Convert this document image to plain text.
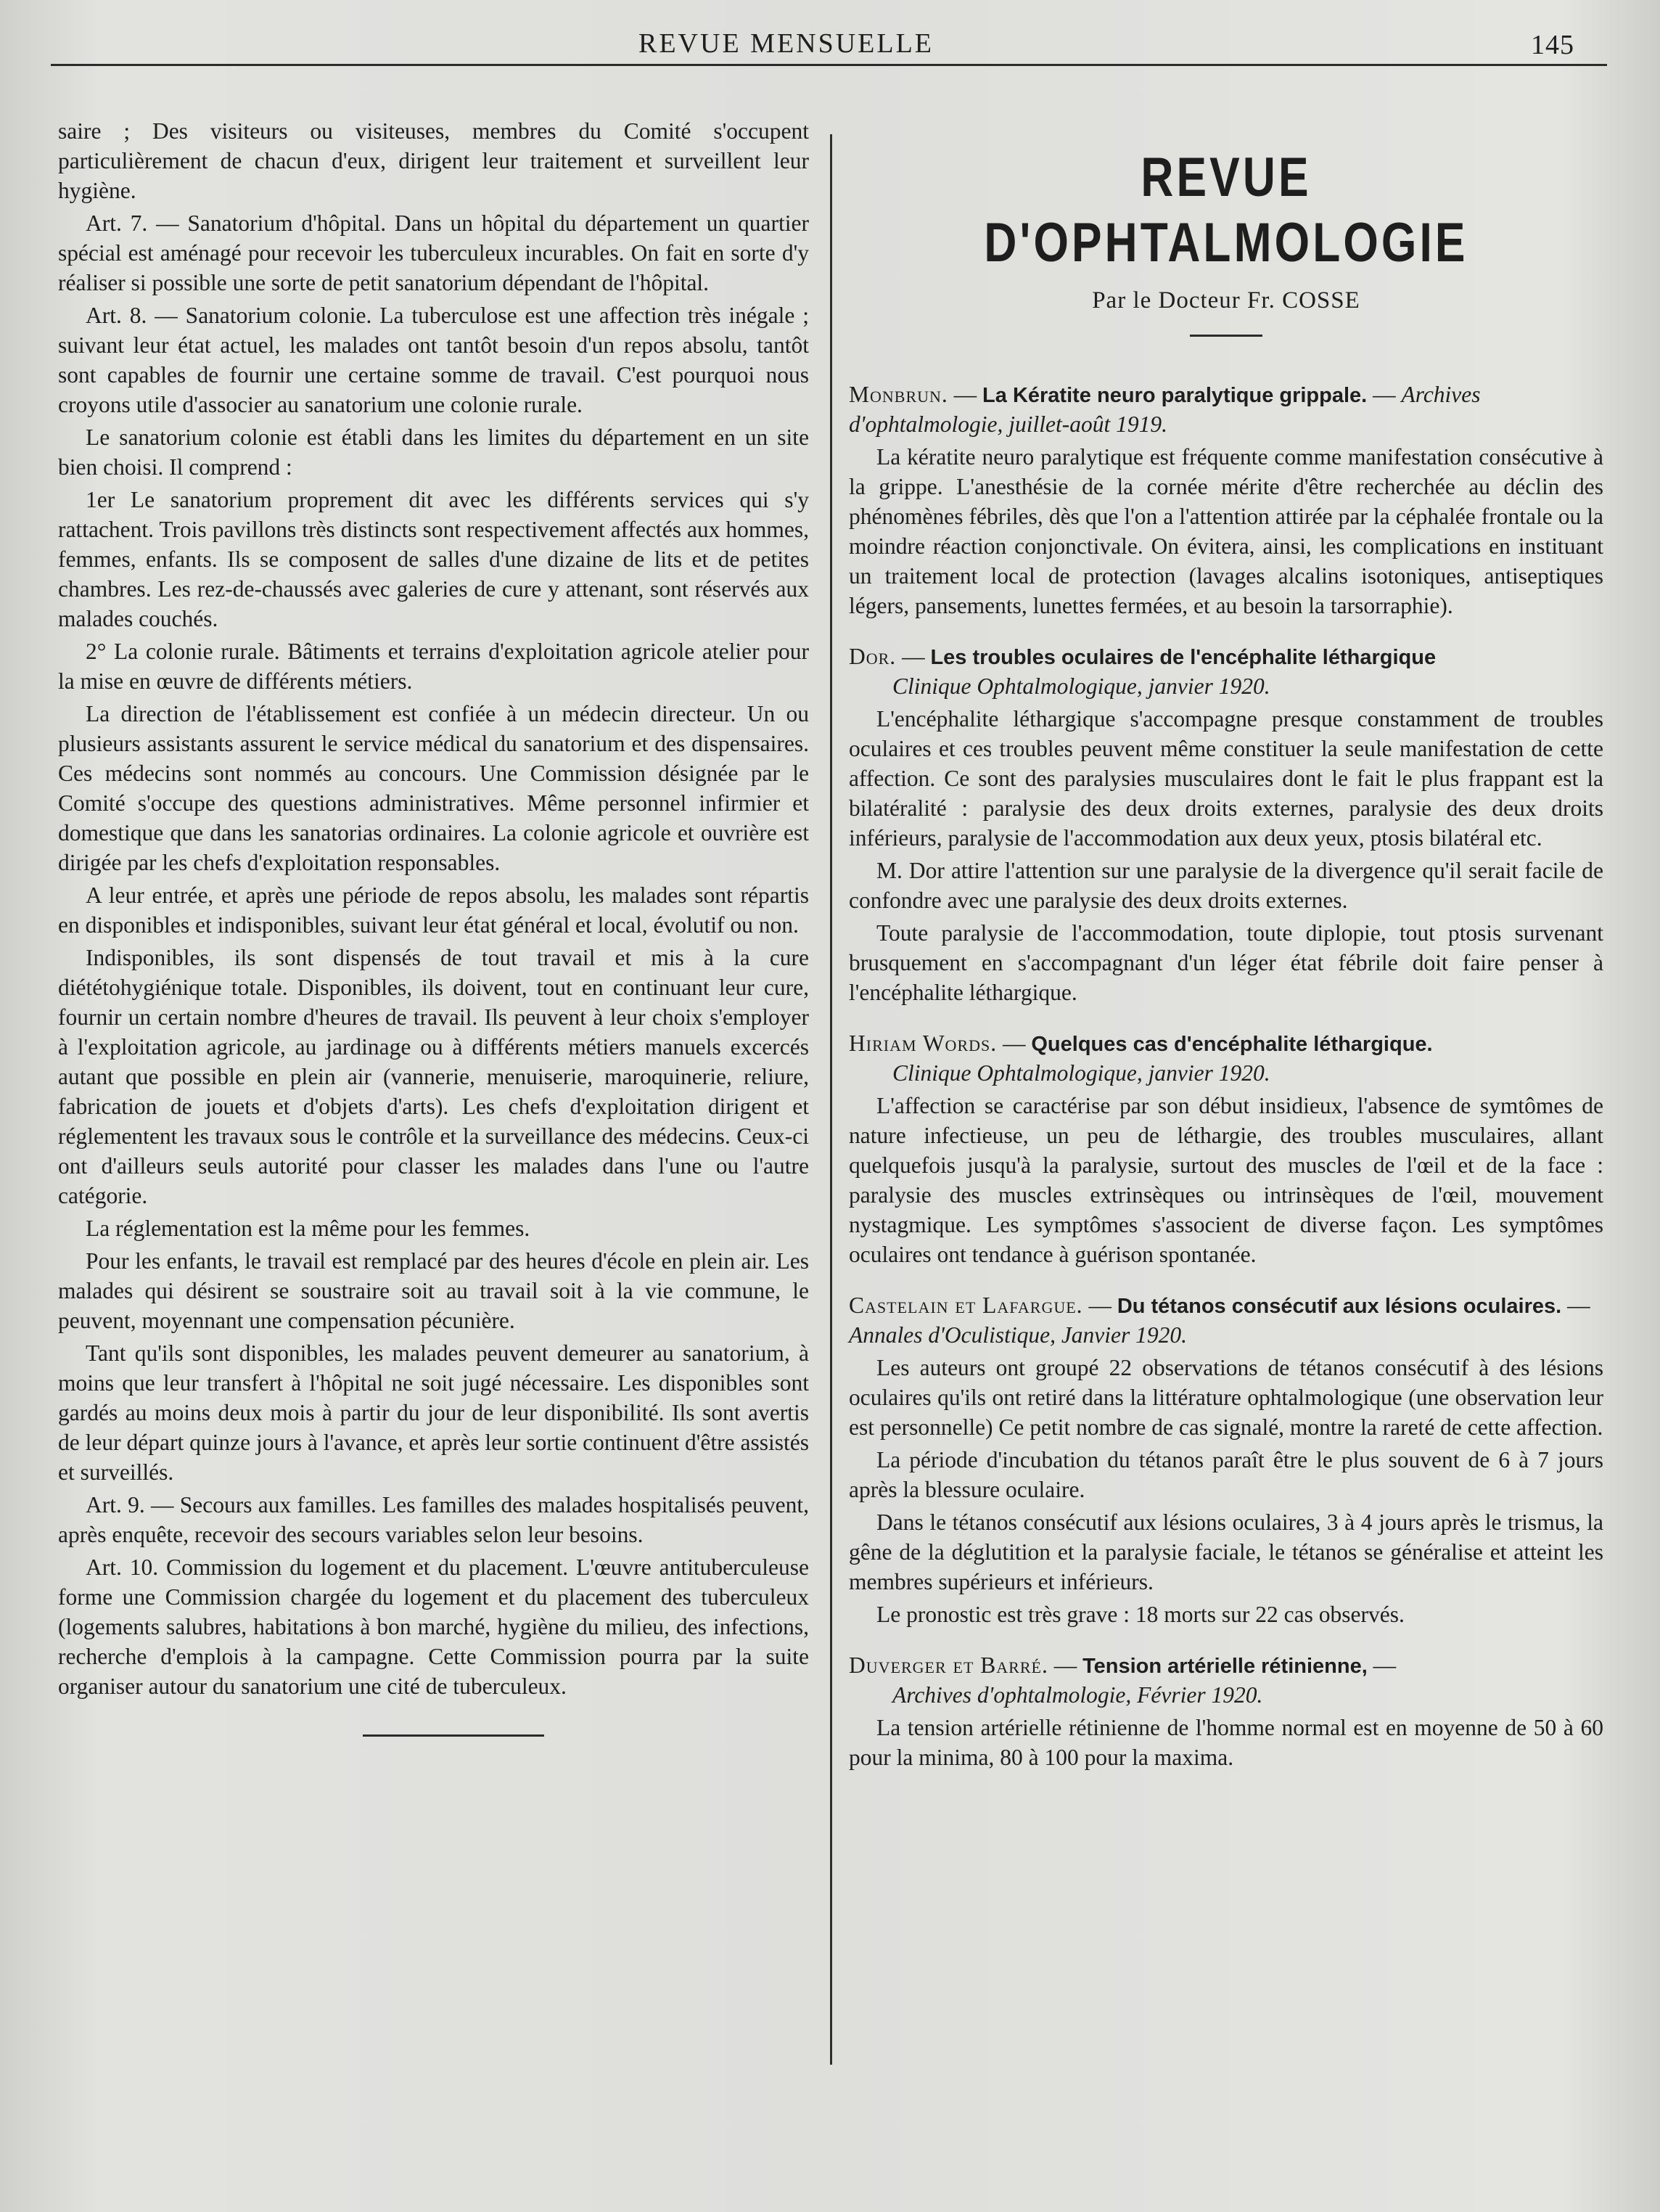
REVUE MENSUELLE	145

saire ; Des visiteurs ou visiteuses, membres du Comité s'occupent particulièrement de chacun d'eux, dirigent leur traitement et surveillent leur hygiène.

Art. 7. — Sanatorium d'hôpital. Dans un hôpital du département un quartier spécial est aménagé pour recevoir les tuberculeux incurables. On fait en sorte d'y réaliser si possible une sorte de petit sanatorium dépendant de l'hôpital.

Art. 8. — Sanatorium colonie. La tuberculose est une affection très inégale ; suivant leur état actuel, les malades ont tantôt besoin d'un repos absolu, tantôt sont capables de fournir une certaine somme de travail. C'est pourquoi nous croyons utile d'associer au sanatorium une colonie rurale.

Le sanatorium colonie est établi dans les limites du département en un site bien choisi. Il comprend :

1er Le sanatorium proprement dit avec les différents services qui s'y rattachent. Trois pavillons très distincts sont respectivement affectés aux hommes, femmes, enfants. Ils se composent de salles d'une dizaine de lits et de petites chambres. Les rez-de-chaussés avec galeries de cure y attenant, sont réservés aux malades couchés.

2° La colonie rurale. Bâtiments et terrains d'exploitation agricole atelier pour la mise en œuvre de différents métiers.

La direction de l'établissement est confiée à un médecin directeur. Un ou plusieurs assistants assurent le service médical du sanatorium et des dispensaires. Ces médecins sont nommés au concours. Une Commission désignée par le Comité s'occupe des questions administratives. Même personnel infirmier et domestique que dans les sanatorias ordinaires. La colonie agricole et ouvrière est dirigée par les chefs d'exploitation responsables.

A leur entrée, et après une période de repos absolu, les malades sont répartis en disponibles et indisponibles, suivant leur état général et local, évolutif ou non.

Indisponibles, ils sont dispensés de tout travail et mis à la cure diététohygiénique totale. Disponibles, ils doivent, tout en continuant leur cure, fournir un certain nombre d'heures de travail. Ils peuvent à leur choix s'employer à l'exploitation agricole, au jardinage ou à différents métiers manuels excercés autant que possible en plein air (vannerie, menuiserie, maroquinerie, reliure, fabrication de jouets et d'objets d'arts). Les chefs d'exploitation dirigent et réglementent les travaux sous le contrôle et la surveillance des médecins. Ceux-ci ont d'ailleurs seuls autorité pour classer les malades dans l'une ou l'autre catégorie.

La réglementation est la même pour les femmes.

Pour les enfants, le travail est remplacé par des heures d'école en plein air. Les malades qui désirent se soustraire soit au travail soit à la vie commune, le peuvent, moyennant une compensation pécunière.

Tant qu'ils sont disponibles, les malades peuvent demeurer au sanatorium, à moins que leur transfert à l'hôpital ne soit jugé nécessaire. Les disponibles sont gardés au moins deux mois à partir du jour de leur disponibilité. Ils sont avertis de leur départ quinze jours à l'avance, et après leur sortie continuent d'être assistés et surveillés.

Art. 9. — Secours aux familles. Les familles des malades hospitalisés peuvent, après enquête, recevoir des secours variables selon leur besoins.

Art. 10. Commission du logement et du placement. L'œuvre antituberculeuse forme une Commission chargée du logement et du placement des tuberculeux (logements salubres, habitations à bon marché, hygiène du milieu, des infections, recherche d'emplois à la campagne. Cette Commission pourra par la suite organiser autour du sanatorium une cité de tuberculeux.

REVUE D'OPHTALMOLOGIE
Par le Docteur Fr. COSSE

Monbrun. — La Kératite neuro paralytique grippale. — Archives d'ophtalmologie, juillet-août 1919.

La kératite neuro paralytique est fréquente comme manifestation consécutive à la grippe. L'anesthésie de la cornée mérite d'être recherchée au déclin des phénomènes fébriles, dès que l'on a l'attention attirée par la céphalée frontale ou la moindre réaction conjonctivale. On évitera, ainsi, les complications en instituant un traitement local de protection (lavages alcalins isotoniques, antiseptiques légers, pansements, lunettes fermées, et au besoin la tarsorraphie).

Dor. — Les troubles oculaires de l'encéphalite léthargique
Clinique Ophtalmologique, janvier 1920.

L'encéphalite léthargique s'accompagne presque constamment de troubles oculaires et ces troubles peuvent même constituer la seule manifestation de cette affection. Ce sont des paralysies musculaires dont le fait le plus frappant est la bilatéralité : paralysie des deux droits externes, paralysie des deux droits inférieurs, paralysie de l'accommodation aux deux yeux, ptosis bilatéral etc.

M. Dor attire l'attention sur une paralysie de la divergence qu'il serait facile de confondre avec une paralysie des deux droits externes.

Toute paralysie de l'accommodation, toute diplopie, tout ptosis survenant brusquement en s'accompagnant d'un léger état fébrile doit faire penser à l'encéphalite léthargique.

Hiriam Words. — Quelques cas d'encéphalite léthargique.
Clinique Ophtalmologique, janvier 1920.

L'affection se caractérise par son début insidieux, l'absence de symtômes de nature infectieuse, un peu de léthargie, des troubles musculaires, allant quelquefois jusqu'à la paralysie, surtout des muscles de l'œil et de la face : paralysie des muscles extrinsèques ou intrinsèques de l'œil, mouvement nystagmique. Les symptômes s'associent de diverse façon. Les symptômes oculaires ont tendance à guérison spontanée.

Castelain et Lafargue. — Du tétanos consécutif aux lésions oculaires. — Annales d'Oculistique, Janvier 1920.

Les auteurs ont groupé 22 observations de tétanos consécutif à des lésions oculaires qu'ils ont retiré dans la littérature ophtalmologique (une observation leur est personnelle) Ce petit nombre de cas signalé, montre la rareté de cette affection.

La période d'incubation du tétanos paraît être le plus souvent de 6 à 7 jours après la blessure oculaire.

Dans le tétanos consécutif aux lésions oculaires, 3 à 4 jours après le trismus, la gêne de la déglutition et la paralysie faciale, le tétanos se généralise et atteint les membres supérieurs et inférieurs.

Le pronostic est très grave : 18 morts sur 22 cas observés.

Duverger et Barré. — Tension artérielle rétinienne, —
Archives d'ophtalmologie, Février 1920.

La tension artérielle rétinienne de l'homme normal est en moyenne de 50 à 60 pour la minima, 80 à 100 pour la maxima.
